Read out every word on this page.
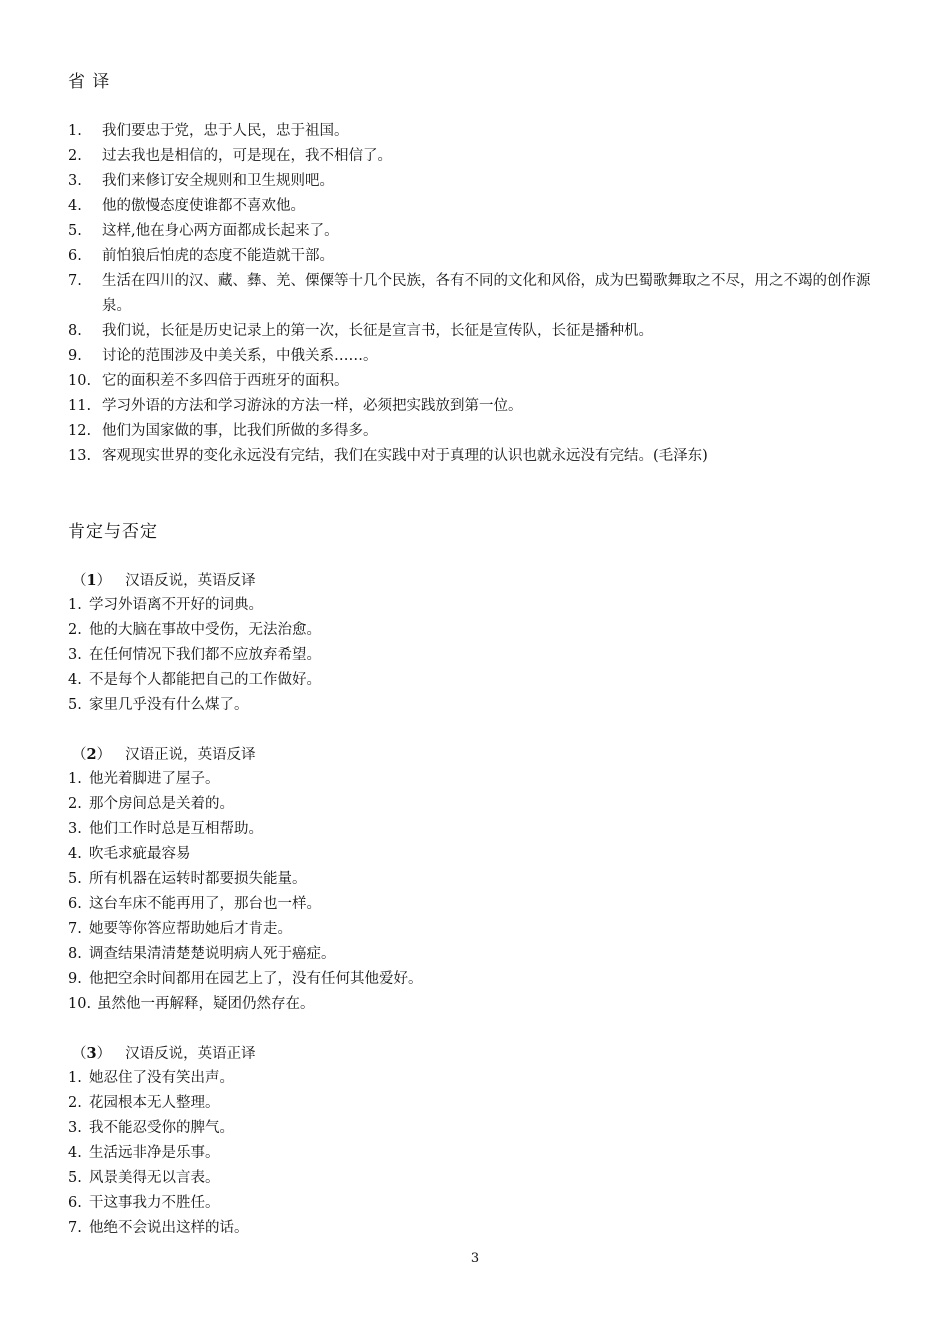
省 译
1.	我们要忠于党，忠于人民，忠于祖国。
2.	过去我也是相信的，可是现在，我不相信了。
3.	我们来修订安全规则和卫生规则吧。
4.	他的傲慢态度使谁都不喜欢他。
5.	这样,他在身心两方面都成长起来了。
6.	前怕狼后怕虎的态度不能造就干部。
7.	生活在四川的汉、藏、彝、羌、傈僳等十几个民族，各有不同的文化和风俗，成为巴蜀歌舞取之不尽，用之不竭的创作源泉。
8.	我们说，长征是历史记录上的第一次，长征是宣言书，长征是宣传队，长征是播种机。
9.	讨论的范围涉及中美关系，中俄关系……。
10. 它的面积差不多四倍于西班牙的面积。
11. 学习外语的方法和学习游泳的方法一样，必须把实践放到第一位。
12. 他们为国家做的事，比我们所做的多得多。
13. 客观现实世界的变化永远没有完结，我们在实践中对于真理的认识也就永远没有完结。(毛泽东)
肯定与否定

（1） 汉语反说，英语反译

1. 学习外语离不开好的词典。
2. 他的大脑在事故中受伤，无法治愈。
3. 在任何情况下我们都不应放弃希望。
4. 不是每个人都能把自己的工作做好。
5. 家里几乎没有什么煤了。

（2） 汉语正说，英语反译

1. 他光着脚进了屋子。
2. 那个房间总是关着的。
3. 他们工作时总是互相帮助。
4. 吹毛求疵最容易
5. 所有机器在运转时都要损失能量。
6. 这台车床不能再用了，那台也一样。
7. 她要等你答应帮助她后才肯走。
8. 调查结果清清楚楚说明病人死于癌症。
9. 他把空余时间都用在园艺上了，没有任何其他爱好。
10. 虽然他一再解释，疑团仍然存在。

（3） 汉语反说，英语正译

1. 她忍住了没有笑出声。
2. 花园根本无人整理。
3. 我不能忍受你的脾气。
4. 生活远非净是乐事。
5. 风景美得无以言表。
6. 干这事我力不胜任。
7. 他绝不会说出这样的话。
3
